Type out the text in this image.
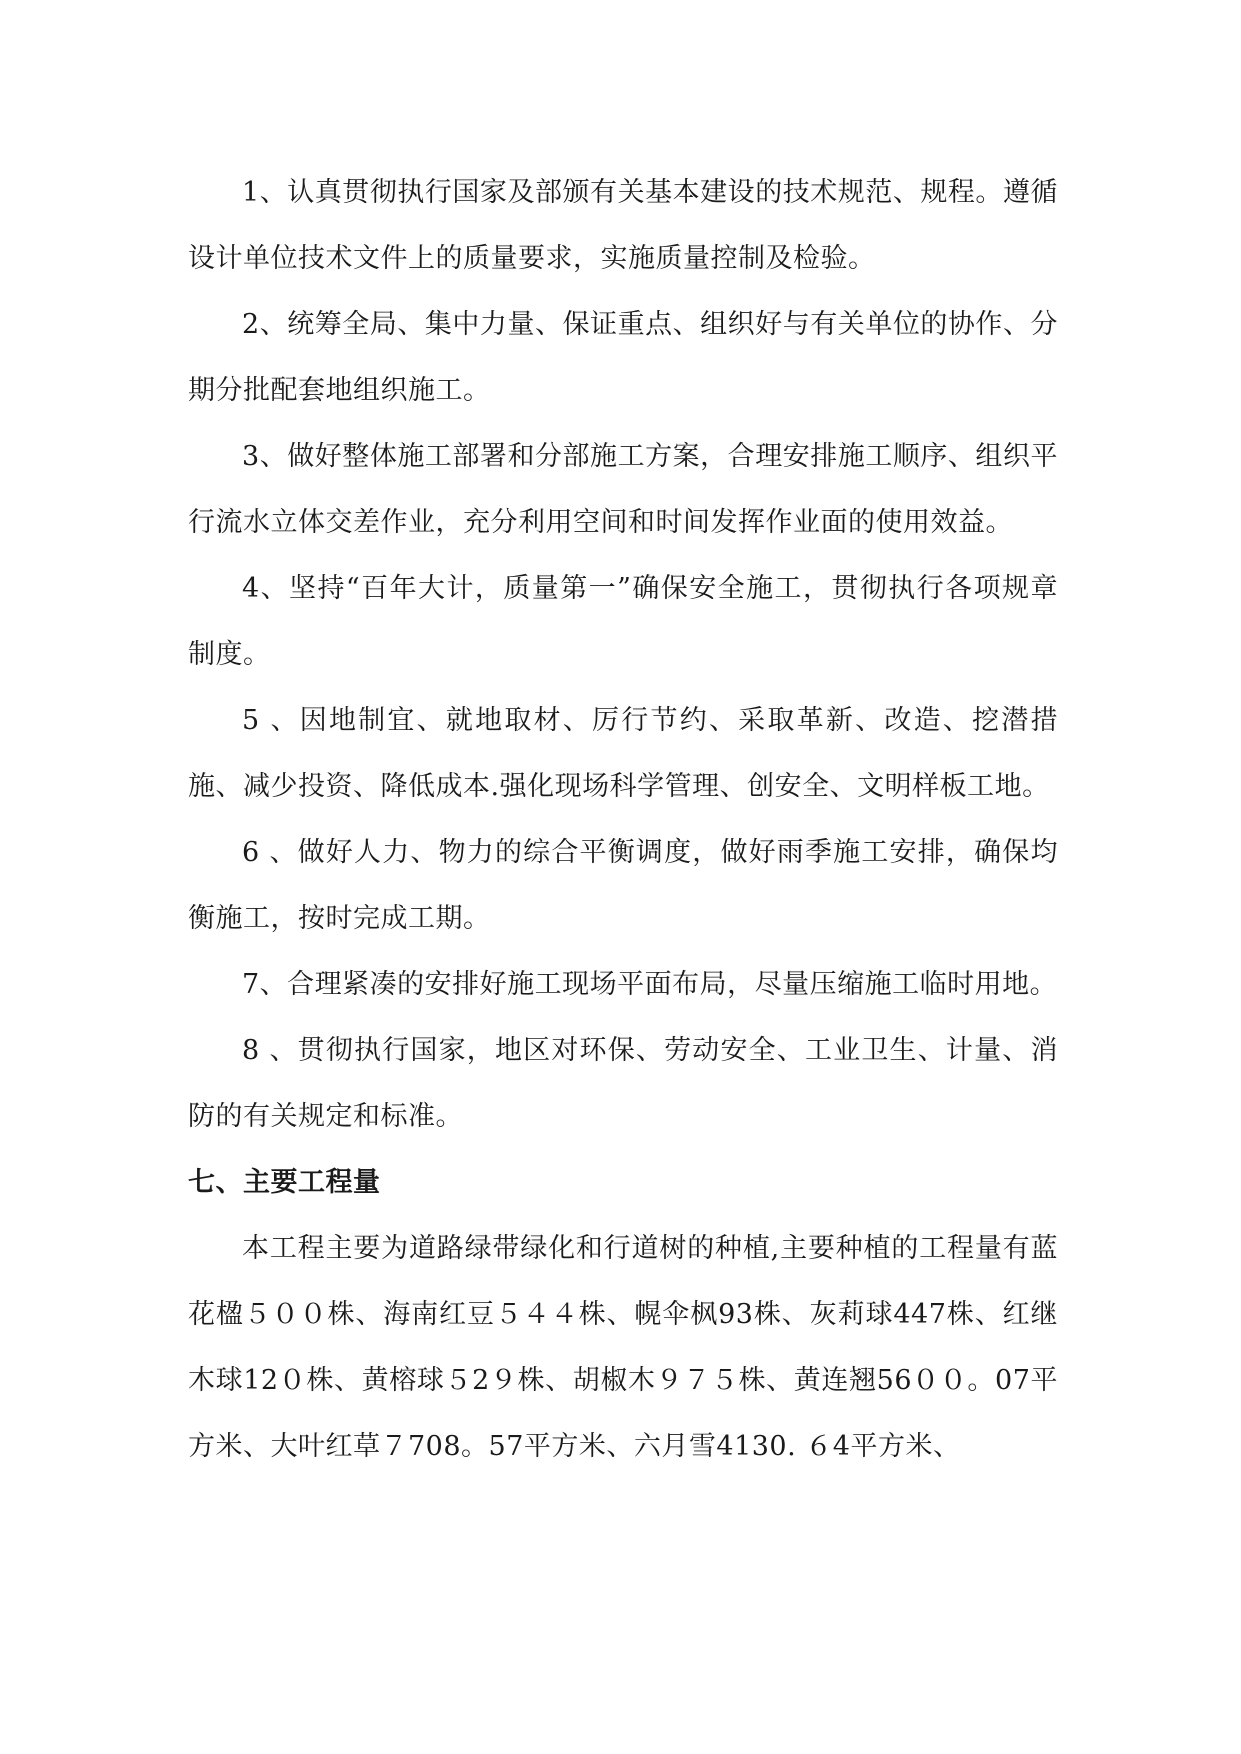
1、认真贯彻执行国家及部颁有关基本建设的技术规范、规程。遵循设计单位技术文件上的质量要求，实施质量控制及检验。

2、统筹全局、集中力量、保证重点、组织好与有关单位的协作、分期分批配套地组织施工。

3、做好整体施工部署和分部施工方案，合理安排施工顺序、组织平行流水立体交差作业，充分利用空间和时间发挥作业面的使用效益。

4、坚持“百年大计，质量第一”确保安全施工，贯彻执行各项规章制度。

5 、因地制宜、就地取材、厉行节约、采取革新、改造、挖潜措施、减少投资、降低成本.强化现场科学管理、创安全、文明样板工地。

6 、做好人力、物力的综合平衡调度，做好雨季施工安排，确保均衡施工，按时完成工期。

7、合理紧凑的安排好施工现场平面布局，尽量压缩施工临时用地。

8 、贯彻执行国家，地区对环保、劳动安全、工业卫生、计量、消防的有关规定和标准。

七、主要工程量

本工程主要为道路绿带绿化和行道树的种植,主要种植的工程量有蓝花楹５００株、海南红豆５４４株、幌伞枫93株、灰莉球447株、红继木球12０株、黄榕球５2９株、胡椒木９７５株、黄连翘56００。07平方米、大叶红草７708。57平方米、六月雪4130. ６4平方米、
